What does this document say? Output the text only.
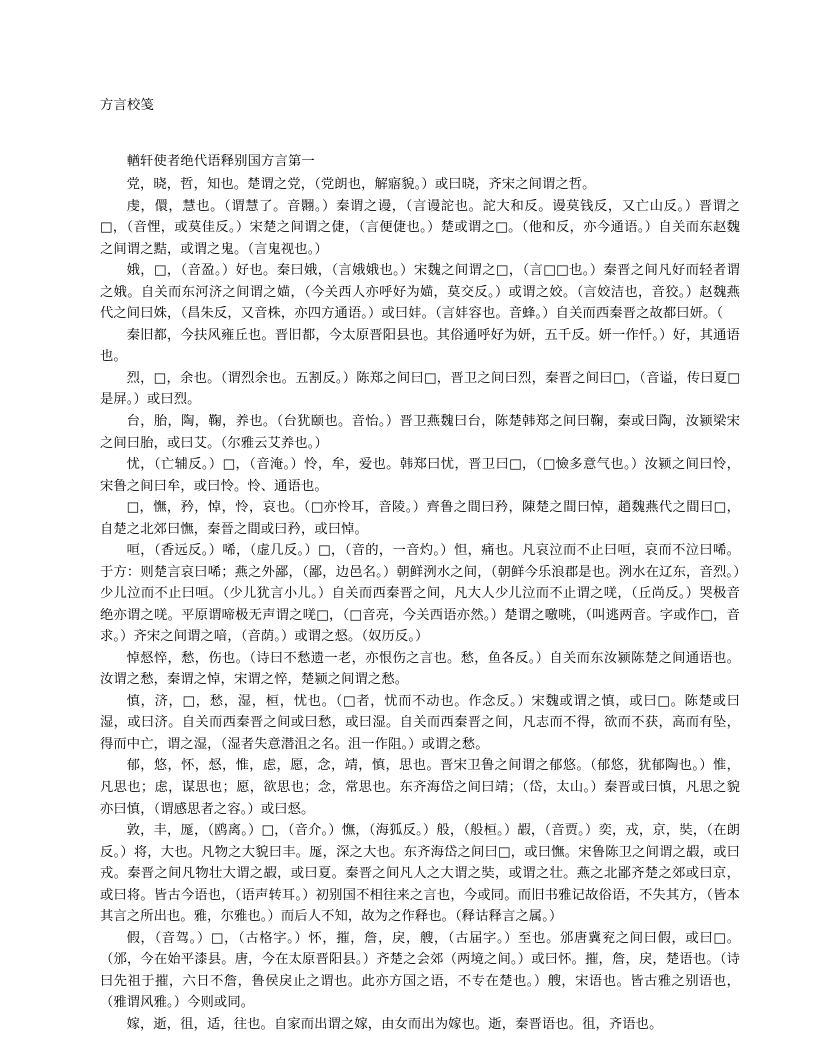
方言校笺

輶轩使者绝代语释别国方言第一

党，晓，哲，知也。楚谓之党，（党朗也，解寤貌。）或曰晓，齐宋之间谓之哲。

虔，儇，慧也。（谓慧了。音翾。）秦谓之谩，（言谩詑也。詑大和反。谩莫钱反，又亡山反。）晋谓之□，（音悝，或莫佳反。）宋楚之间谓之倢，（言便倢也。）楚或谓之□。（他和反，亦今通语。）自关而东赵魏之间谓之黠，或谓之鬼。（言鬼视也。）

娥，□，（音盈。）好也。秦曰娥，（言娥娥也。）宋魏之间谓之□，（言□□也。）秦晋之间凡好而轻者谓之娥。自关而东河济之间谓之媌，（今关西人亦呼好为媌，莫交反。）或谓之姣。（言姣洁也，音狡。）赵魏燕代之间曰姝，（昌朱反，又音株，亦四方通语。）或曰妦。（言妦容也。音蜂。）自关而西秦晋之故都曰妍。（

秦旧都，今扶风雍丘也。晋旧都，今太原晋阳县也。其俗通呼好为妍，五千反。妍一作忏。）好，其通语也。

烈，□，余也。（谓烈余也。五割反。）陈郑之间曰□，晋卫之间曰烈，秦晋之间曰□，（音谥，传曰夏□是屏。）或曰烈。

台，胎，陶，鞠，养也。（台犹颐也。音怡。）晋卫燕魏曰台，陈楚韩郑之间曰鞠，秦或曰陶，汝颍梁宋之间曰胎，或曰艾。（尔雅云艾养也。）

忧，（亡辅反。）□，（音淹。）怜，牟，爱也。韩郑曰忧，晋卫曰□，（□憸多意气也。）汝颍之间曰怜，宋鲁之间曰牟，或曰怜。怜、通语也。

□，憮，矜，悼，怜，哀也。（□亦怜耳，音陵。）齊鲁之間曰矜，陳楚之間曰悼，趙魏燕代之間曰□，自楚之北郊曰憮，秦晉之間或曰矜，或曰悼。

咺，（香远反。）唏，（虚几反。）□，（音的，一音灼。）怛，痛也。凡哀泣而不止曰咺，哀而不泣曰唏。于方：则楚言哀曰唏；燕之外鄙，（鄙，边邑名。）朝鲜洌水之间，（朝鲜今乐浪郡是也。洌水在辽东，音烈。）少儿泣而不止曰咺。（少儿犹言小儿。）自关而西秦晋之间，凡大人少儿泣而不止谓之唴，（丘尚反。）哭极音绝亦谓之唴。平原谓啼极无声谓之唴□，（□音亮，今关西语亦然。）楚谓之噭咷，（叫逃两音。字或作□，音求。）齐宋之间谓之喑，（音荫。）或谓之惄。（奴历反。）

悼惄悴，愁，伤也。（诗曰不愁遗一老，亦恨伤之言也。愁，鱼各反。）自关而东汝颍陈楚之间通语也。汝谓之愁，秦谓之悼，宋谓之悴，楚颍之间谓之愁。

慎，济，□，愁，湿，桓，忧也。（□者，忧而不动也。作念反。）宋魏或谓之慎，或曰□。陈楚或曰湿，或曰济。自关而西秦晋之间或曰愁，或曰湿。自关而西秦晋之间，凡志而不得，欲而不获，高而有坠，得而中亡，谓之湿，（湿者失意潜沮之名。沮一作阻。）或谓之愁。

郁，悠，怀，惄，惟，虑，愿，念，靖，慎，思也。晋宋卫鲁之间谓之郁悠。（郁悠，犹郁陶也。）惟，凡思也；虑，谋思也；愿，欲思也；念，常思也。东齐海岱之间曰靖；（岱，太山。）秦晋或曰慎，凡思之貌亦曰慎，（谓感思者之容。）或曰惄。

敦，丰，厖，（鸥离。）□，（音介。）憮，（海狐反。）般，（般桓。）嘏，（音贾。）奕，戎，京，奘，（在朗反。）将，大也。凡物之大貌曰丰。厖，深之大也。东齐海岱之间曰□，或曰憮。宋鲁陈卫之间谓之嘏，或曰戎。秦晋之间凡物壮大谓之嘏，或曰夏。秦晋之间凡人之大谓之奘，或谓之壮。燕之北鄙齐楚之郊或曰京，或曰将。皆古今语也，（语声转耳。）初别国不相往来之言也，今或同。而旧书雅记故俗语，不失其方，（皆本其言之所出也。雅，尔雅也。）而后人不知，故为之作释也。（释诂释言之属。）

假，（音驾。）□，（古格字。）怀，摧，詹，戾，艘，（古届字。）至也。邠唐冀兖之间曰假，或曰□。（邠，今在始平漆县。唐，今在太原晋阳县。）齐楚之会郊（两境之间。）或曰怀。摧，詹，戾，楚语也。（诗曰先祖于摧，六日不詹，鲁侯戾止之谓也。此亦方国之语，不专在楚也。）艘，宋语也。皆古雅之别语也，（雅谓风雅。）今则或同。

嫁，逝，徂，适，往也。自家而出谓之嫁，由女而出为嫁也。逝，秦晋语也。徂，齐语也。
